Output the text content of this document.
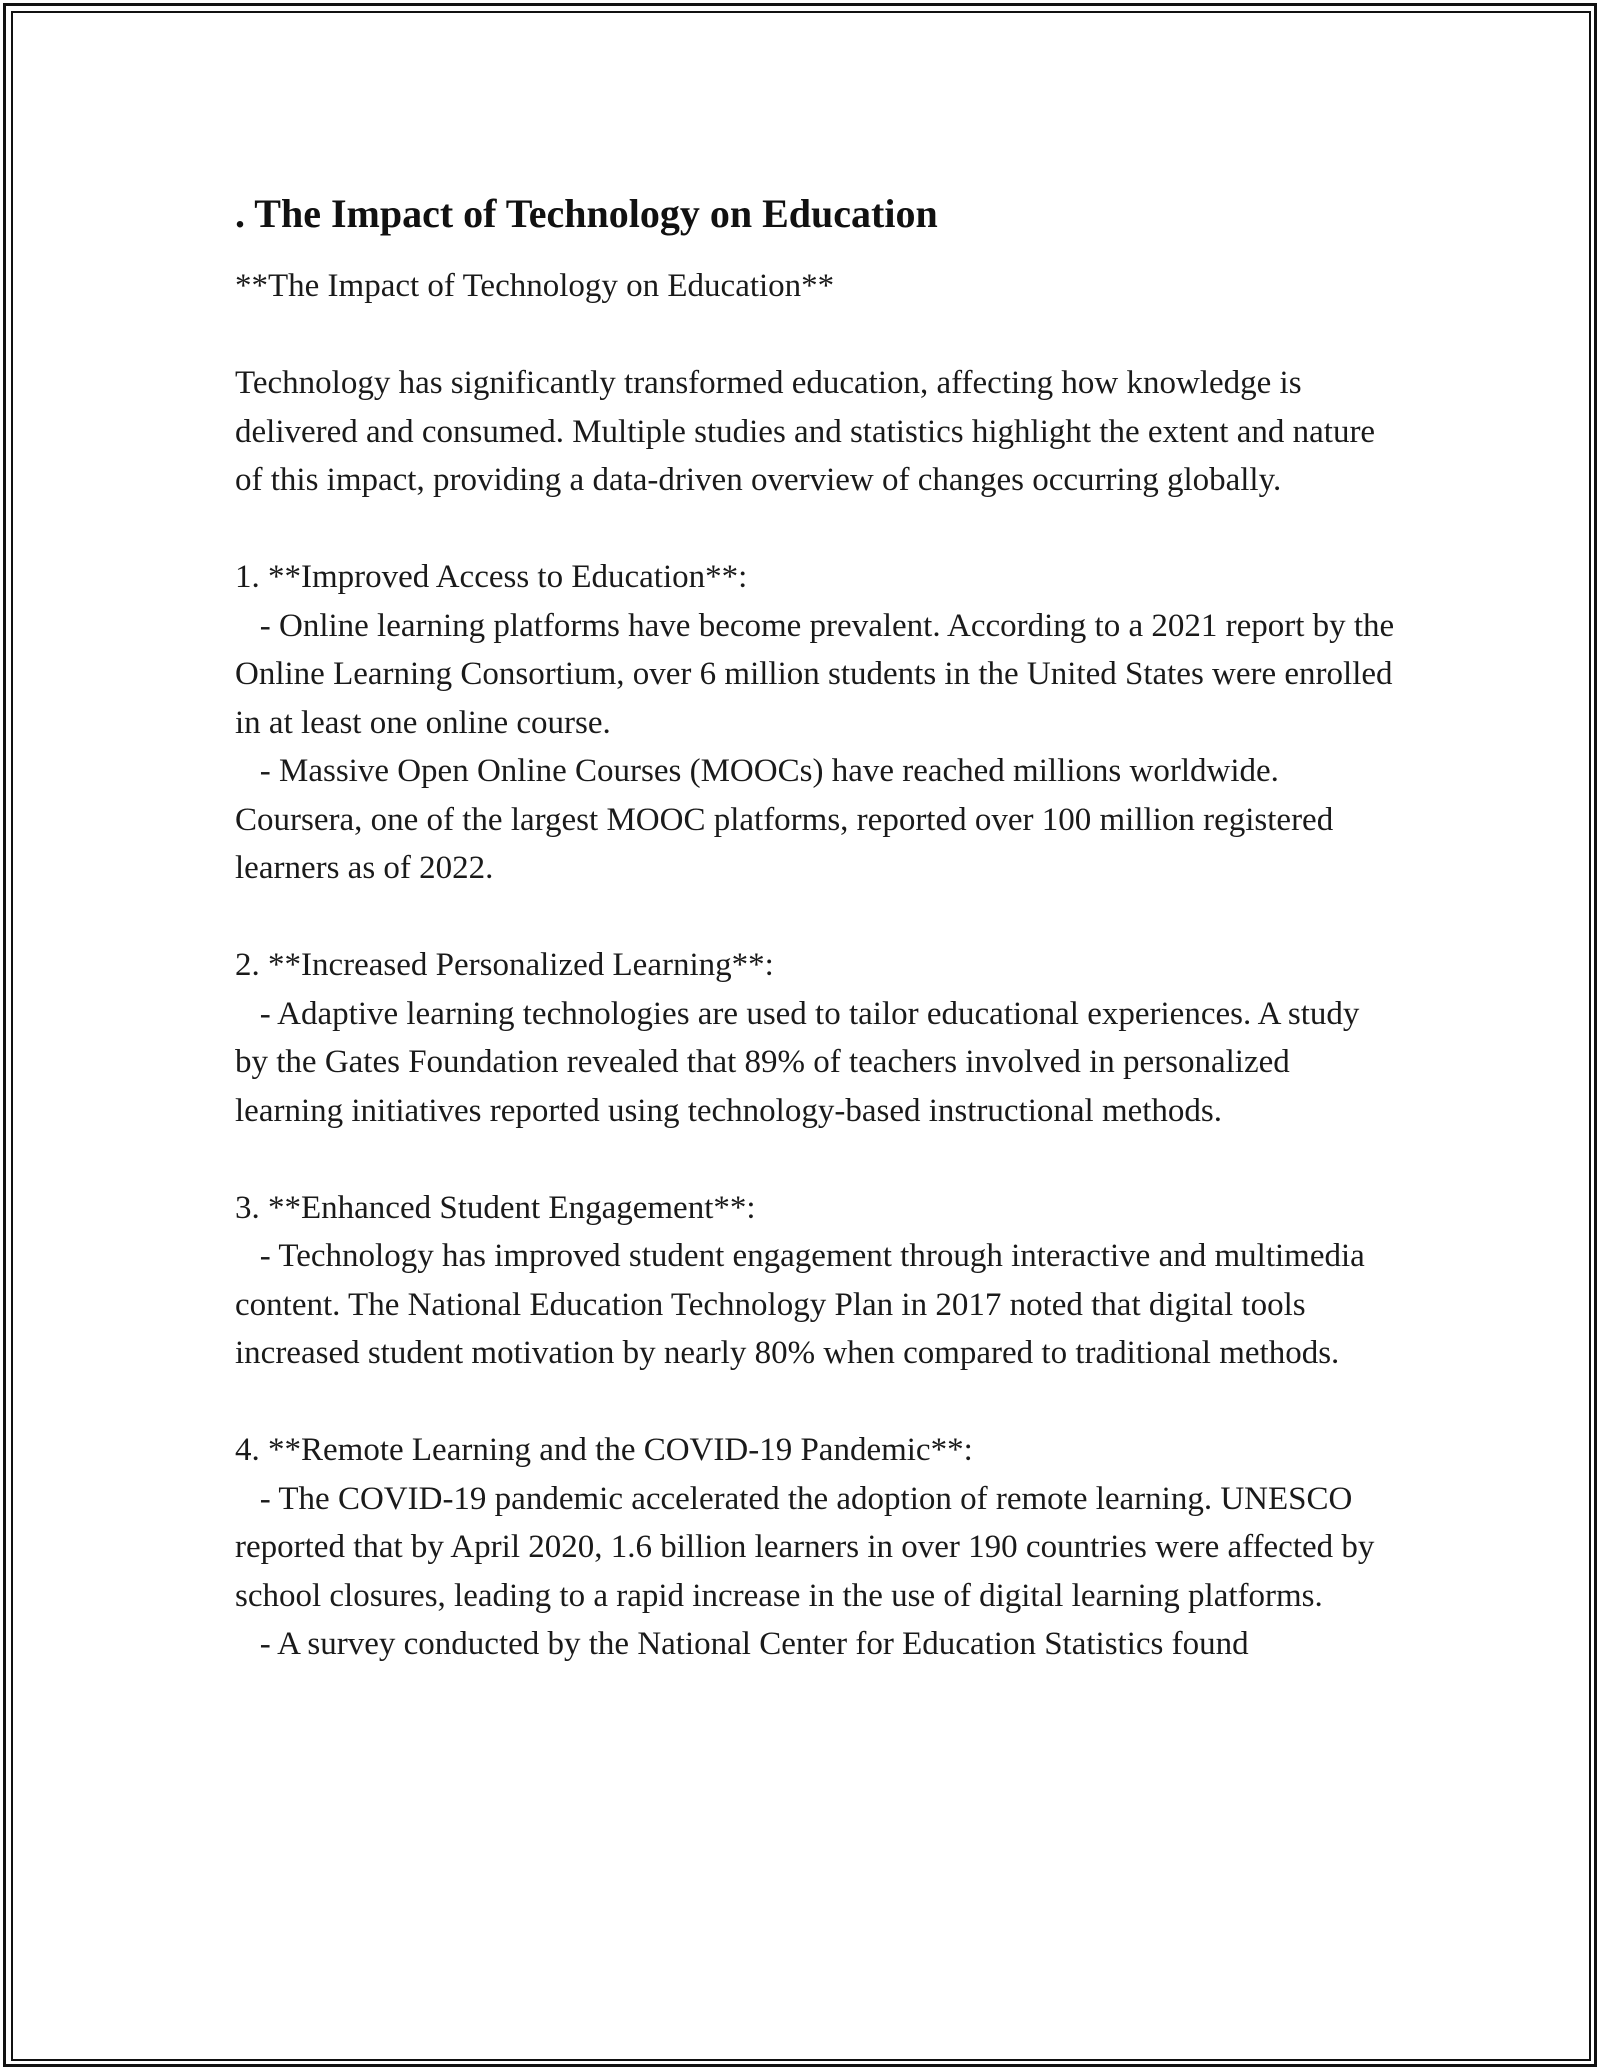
. The Impact of Technology on Education
**The Impact of Technology on Education**
Technology has significantly transformed education, affecting how knowledge is delivered and consumed. Multiple studies and statistics highlight the extent and nature of this impact, providing a data-driven overview of changes occurring globally.
1. **Improved Access to Education**:
- Online learning platforms have become prevalent. According to a 2021 report by the Online Learning Consortium, over 6 million students in the United States were enrolled in at least one online course.
- Massive Open Online Courses (MOOCs) have reached millions worldwide. Coursera, one of the largest MOOC platforms, reported over 100 million registered learners as of 2022.
2. **Increased Personalized Learning**:
- Adaptive learning technologies are used to tailor educational experiences. A study by the Gates Foundation revealed that 89% of teachers involved in personalized learning initiatives reported using technology-based instructional methods.
3. **Enhanced Student Engagement**:
- Technology has improved student engagement through interactive and multimedia content. The National Education Technology Plan in 2017 noted that digital tools increased student motivation by nearly 80% when compared to traditional methods.
4. **Remote Learning and the COVID-19 Pandemic**:
- The COVID-19 pandemic accelerated the adoption of remote learning. UNESCO reported that by April 2020, 1.6 billion learners in over 190 countries were affected by school closures, leading to a rapid increase in the use of digital learning platforms.
- A survey conducted by the National Center for Education Statistics found
